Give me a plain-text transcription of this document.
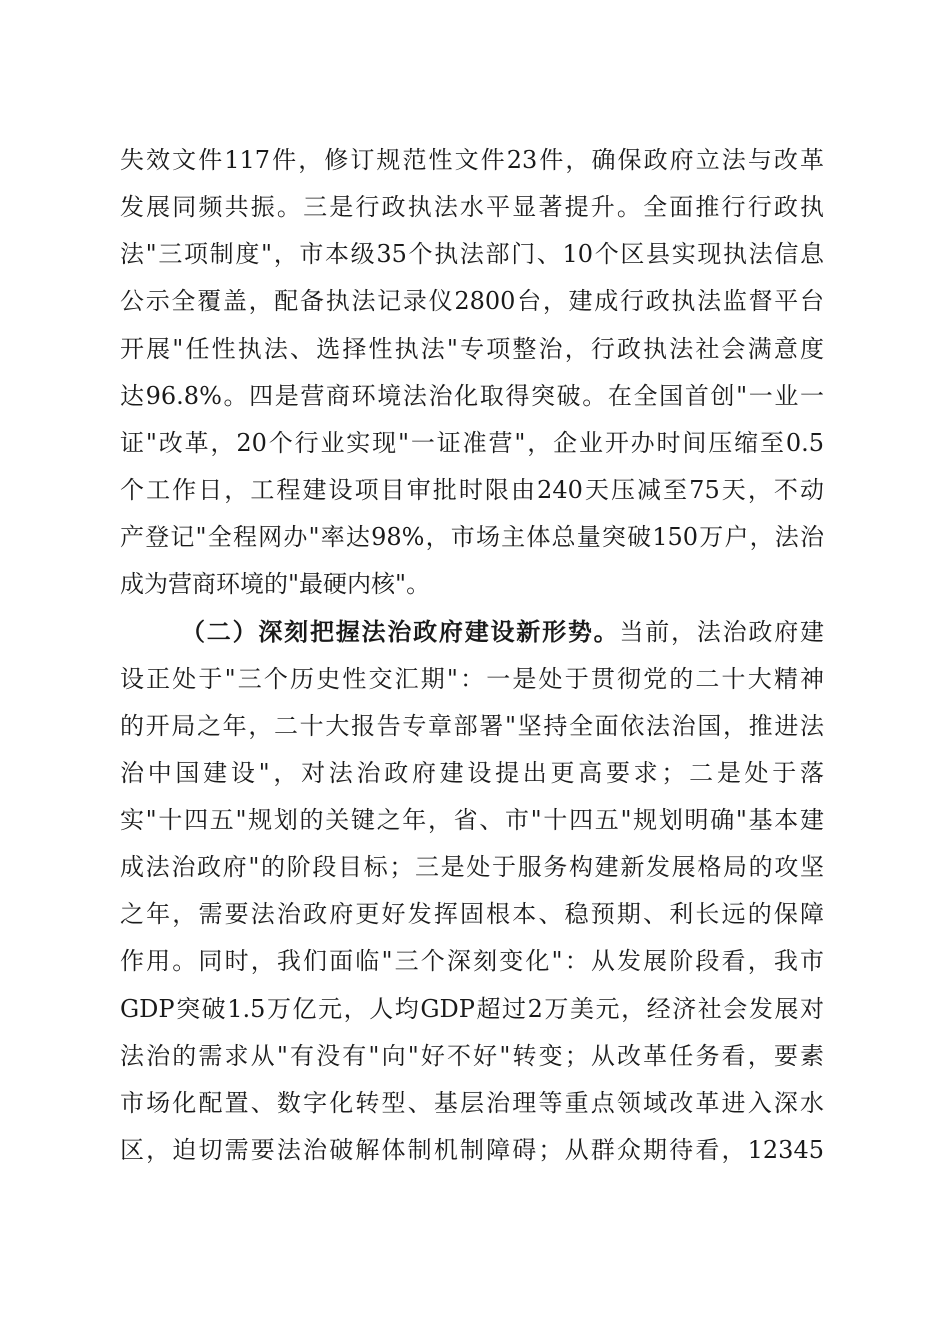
失效文件117件，修订规范性文件23件，确保政府立法与改革
发展同频共振。三是行政执法水平显著提升。全面推行行政执
法"三项制度"，市本级35个执法部门、10个区县实现执法信息
公示全覆盖，配备执法记录仪2800台，建成行政执法监督平台
开展"任性执法、选择性执法"专项整治，行政执法社会满意度
达96.8%。四是营商环境法治化取得突破。在全国首创"一业一
证"改革，20个行业实现"一证准营"，企业开办时间压缩至0.5
个工作日，工程建设项目审批时限由240天压减至75天，不动
产登记"全程网办"率达98%，市场主体总量突破150万户，法治
成为营商环境的"最硬内核"。
（二）深刻把握法治政府建设新形势。当前，法治政府建
设正处于"三个历史性交汇期"：一是处于贯彻党的二十大精神
的开局之年，二十大报告专章部署"坚持全面依法治国，推进法
治中国建设"，对法治政府建设提出更高要求；二是处于落
实"十四五"规划的关键之年，省、市"十四五"规划明确"基本建
成法治政府"的阶段目标；三是处于服务构建新发展格局的攻坚
之年，需要法治政府更好发挥固根本、稳预期、利长远的保障
作用。同时，我们面临"三个深刻变化"：从发展阶段看，我市
GDP突破1.5万亿元，人均GDP超过2万美元，经济社会发展对
法治的需求从"有没有"向"好不好"转变；从改革任务看，要素
市场化配置、数字化转型、基层治理等重点领域改革进入深水
区，迫切需要法治破解体制机制障碍；从群众期待看，12345
